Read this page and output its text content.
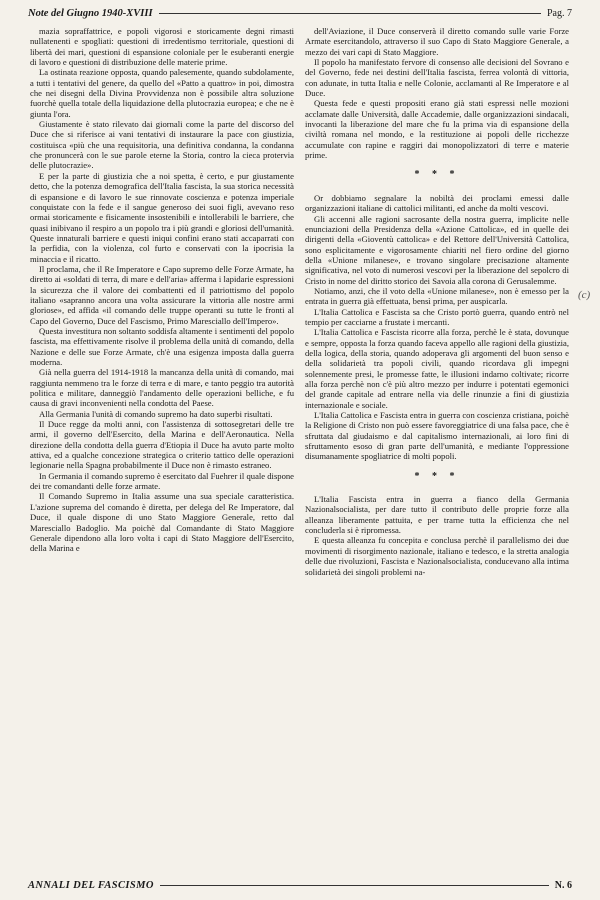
Note del Giugno 1940-XVIII	Pag. 7

mazia sopraffattrice, e popoli vigorosi e storicamente degni rimasti nullatenenti e spogliati: questioni di irredentismo territoriale, questioni di libertà dei mari, questioni di espansione coloniale per le esuberanti energie di lavoro e questioni di distribuzione delle materie prime.

La ostinata reazione opposta, quando palesemente, quando subdolamente, a tutti i tentativi del genere, da quello del «Patto a quattro» in poi, dimostra che nei disegni della Divina Provvidenza non è possibile altra soluzione fuorchè quella totale della liquidazione della plutocrazia europea; e che ne è giunta l'ora.

Giustamente è stato rilevato dai giornali come la parte del discorso del Duce che si riferisce ai vani tentativi di instaurare la pace con giustizia, costituisca «più che una requisitoria, una definitiva condanna, la condanna che pronuncerà con le sue parole eterne la Storia, contro la cieca protervia delle plutocrazie».

E per la parte di giustizia che a noi spetta, è certo, e pur giustamente detto, che la potenza demografica dell'Italia fascista, la sua storica necessità di espansione e di lavoro le sue rinnovate coscienza e potenza imperiale conquistate con la fede e il sangue generoso dei suoi figli, avevano reso ormai storicamente e fisicamente insostenibili e intollerabili le barriere, che quasi inibivano il respiro a un popolo tra i più grandi e gloriosi dell'umanità. Queste innaturali barriere e questi iniqui confini erano stati accaparrati con la perfidia, con la violenza, col furto e conservati con la ipocrisia la minaccia e il ricatto.

Il proclama, che il Re Imperatore e Capo supremo delle Forze Armate, ha diretto ai «soldati di terra, di mare e dell'aria» afferma i lapidarie espressioni la sicurezza che il valore dei combattenti ed il patriottismo del popolo italiano «sapranno ancora una volta assicurare la vittoria alle nostre armi gloriose», ed affida «il comando delle truppe operanti su tutte le fronti al Capo del Governo, Duce del Fascismo, Primo Maresciallo dell'Impero».

Questa investitura non soltanto soddisfa altamente i sentimenti del popolo fascista, ma effettivamente risolve il problema della unità di comando, della Nazione e delle sue Forze Armate, ch'è una esigenza imposta dalla guerra moderna.

Già nella guerra del 1914-1918 la mancanza della unità di comando, mai raggiunta nemmeno tra le forze di terra e di mare, e tanto peggio tra autorità politica e militare, danneggiò l'andamento delle operazioni belliche, e fu causa di gravi inconvenienti nella condotta del Paese.

Alla Germania l'unità di comando supremo ha dato superbi risultati.

Il Duce regge da molti anni, con l'assistenza di sottosegretari delle tre armi, il governo dell'Esercito, della Marina e dell'Aeronautica. Nella direzione della condotta della guerra d'Etiopia il Duce ha avuto parte molto attiva, ed a qualche concezione strategica o criterio tattico delle operazioni legionarie nella Spagna probabilmente il Duce non è rimasto estraneo.

In Germania il comando supremo è esercitato dal Fuehrer il quale dispone dei tre comandanti delle forze armate.

Il Comando Supremo in Italia assume una sua speciale caratteristica. L'azione suprema del comando è diretta, per delega del Re Imperatore, dal Duce, il quale dispone di uno Stato Maggiore Generale, retto dal Maresciallo Badoglio. Ma poichè dal Comandante di Stato Maggiore Generale dipendono alla loro volta i capi di Stato Maggiore dell'Esercito, della Marina e

dell'Aviazione, il Duce conserverà il diretto comando sulle varie Forze Armate esercitandolo, attraverso il suo Capo di Stato Maggiore Generale, a mezzo dei vari capi di Stato Maggiore.

Il popolo ha manifestato fervore di consenso alle decisioni del Sovrano e del Governo, fede nei destini dell'Italia fascista, ferrea volontà di vittoria, con adunate, in tutta Italia e nelle Colonie, acclamanti al Re Imperatore e al Duce.

Questa fede e questi propositi erano già stati espressi nelle mozioni acclamate dalle Università, dalle Accademie, dalle organizzazioni sindacali, invocanti la liberazione del mare che fu la prima via di espansione della civiltà romana nel mondo, e la restituzione ai popoli delle ricchezze accumulate con rapine e raggiri dai monopolizzatori di terre e materie prime.

* * *

Or dobbiamo segnalare la nobiltà dei proclami emessi dalle organizzazioni italiane di cattolici militanti, ed anche da molti vescovi.

Gli accenni alle ragioni sacrosante della nostra guerra, implicite nelle enunciazioni della Presidenza della «Azione Cattolica», ed in quelle dei dirigenti della «Gioventù cattolica» e del Rettore dell'Università Cattolica, sono esplicitamente e vigorosamente chiariti nel fiero ordine del giorno della «Unione milanese», e trovano singolare precisazione altamente significativa, nel voto di numerosi vescovi per la liberazione del sepolcro di Cristo in nome del diritto storico dei Savoia alla corona di Gerusalemme.

Notiamo, anzi, che il voto della «Unione milanese», non è emesso per la entrata in guerra già effettuata, bensì prima, per auspicarla.

L'Italia Cattolica e Fascista sa che Cristo portò guerra, quando entrò nel tempio per cacciarne a frustate i mercanti.

L'Italia Cattolica e Fascista ricorre alla forza, perchè le è stata, dovunque e sempre, opposta la forza quando faceva appello alle ragioni della giustizia, della logica, della storia, quando adoperava gli argomenti del buon senso e della solidarietà tra popoli civili, quando ricordava gli impegni solennemente presi, le promesse fatte, le illusioni indarno coltivate; ricorre alla forza perchè non c'è più altro mezzo per indurre i potentati egemonici del grande capitale ad entrare nella via delle rinunzie a fini di giustizia internazionale e sociale.

L'Italia Cattolica e Fascista entra in guerra con coscienza cristiana, poichè la Religione di Cristo non può essere favoreggiatrice di una falsa pace, che è sfruttata dal giudaismo e dal capitalismo internazionali, ai loro fini di sfruttamento esoso di gran parte dell'umanità, e mediante l'oppressione disumanamente spogliatrice di molti popoli.

* * *

L'Italia Fascista entra in guerra a fianco della Germania Nazionalsocialista, per dare tutto il contributo delle proprie forze alla alleanza liberamente pattuita, e per trarne tutta la efficienza che nel concluderla si è ripromessa.

E questa alleanza fu concepita e conclusa perchè il parallelismo dei due movimenti di risorgimento nazionale, italiano e tedesco, e la stretta analogia delle due rivoluzioni, Fascista e Nazionalsocialista, conducevano alla intima solidarietà dei singoli problemi na-

(c)
ANNALI DEL FASCISMO	N. 6
